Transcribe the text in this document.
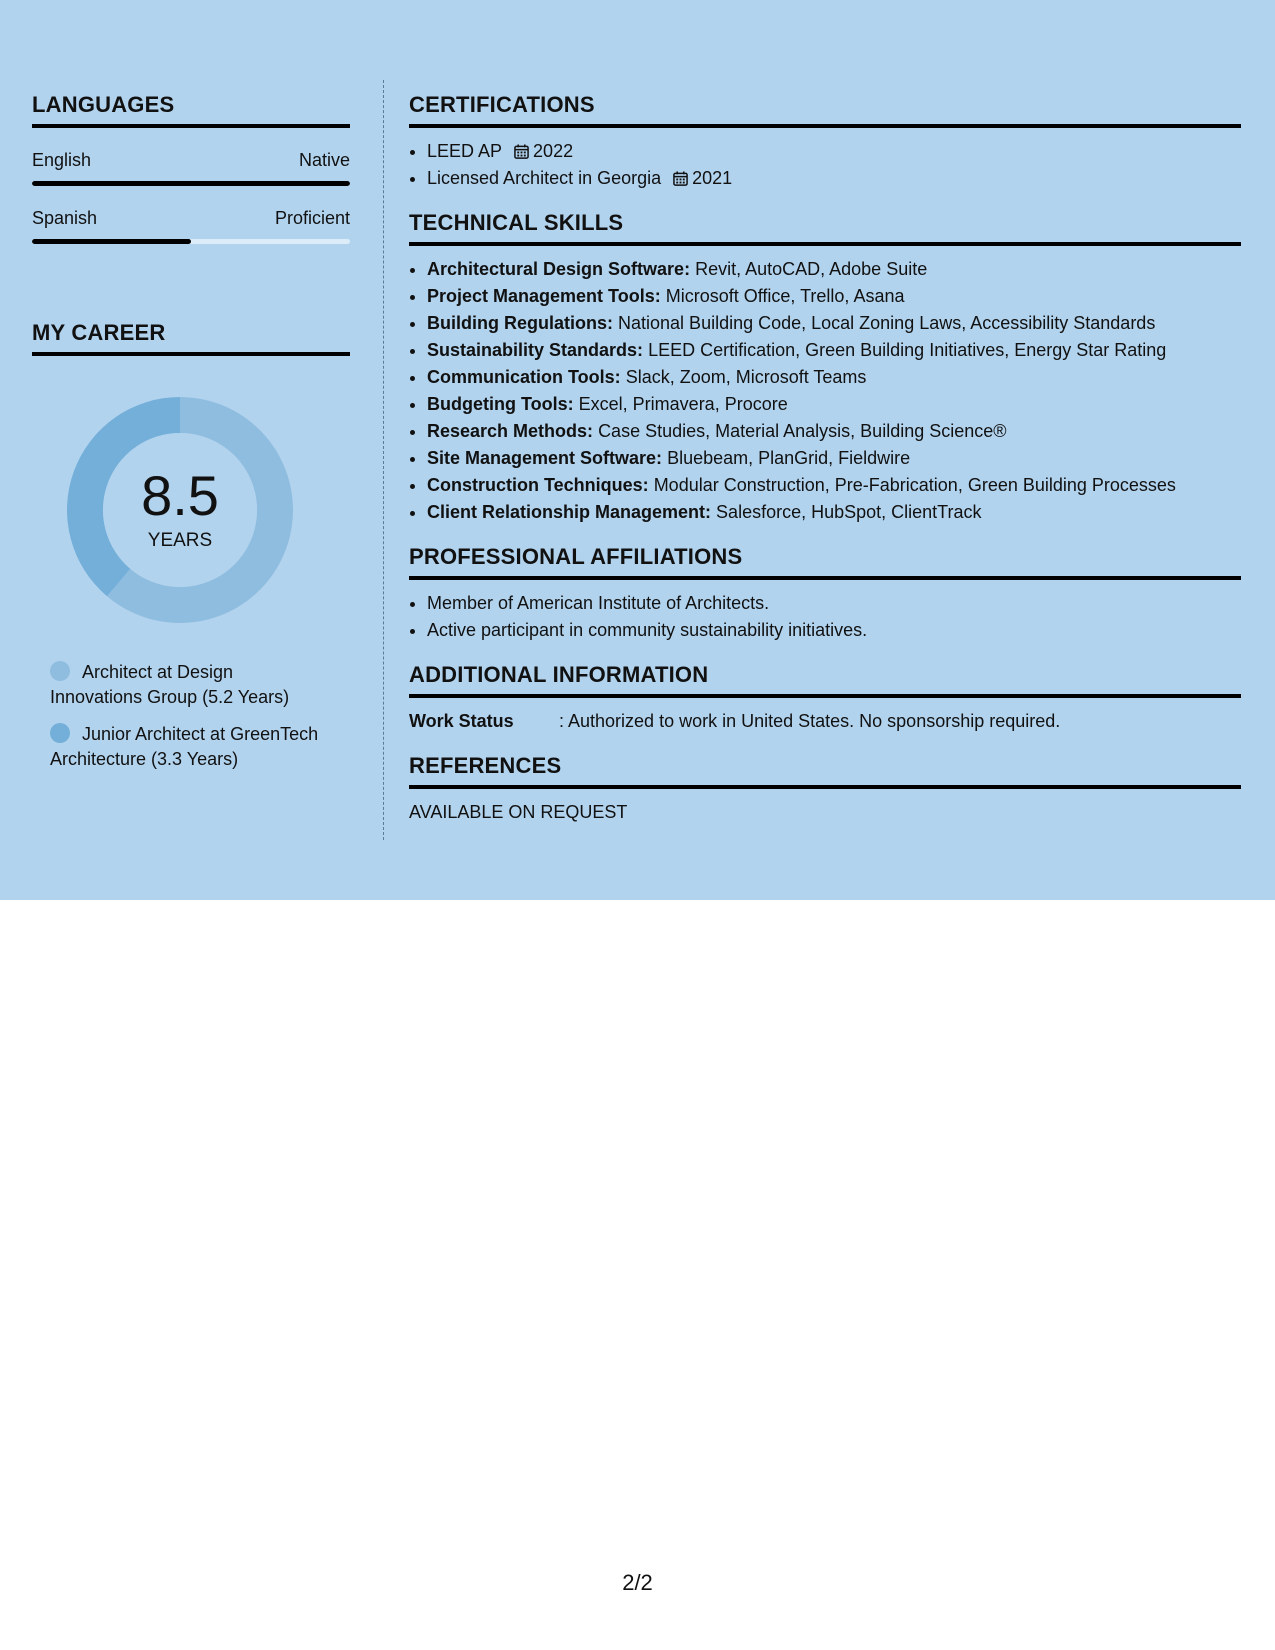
LANGUAGES
English	Native
Spanish	Proficient
MY CAREER
8.5
YEARS
Architect at Design Innovations Group (5.2 Years)
Junior Architect at GreenTech Architecture (3.3 Years)
CERTIFICATIONS
• LEED AP 2022
• Licensed Architect in Georgia 2021
TECHNICAL SKILLS
• Architectural Design Software: Revit, AutoCAD, Adobe Suite
• Project Management Tools: Microsoft Office, Trello, Asana
• Building Regulations: National Building Code, Local Zoning Laws, Accessibility Standards
• Sustainability Standards: LEED Certification, Green Building Initiatives, Energy Star Rating
• Communication Tools: Slack, Zoom, Microsoft Teams
• Budgeting Tools: Excel, Primavera, Procore
• Research Methods: Case Studies, Material Analysis, Building Science®
• Site Management Software: Bluebeam, PlanGrid, Fieldwire
• Construction Techniques: Modular Construction, Pre-Fabrication, Green Building Processes
• Client Relationship Management: Salesforce, HubSpot, ClientTrack
PROFESSIONAL AFFILIATIONS
• Member of American Institute of Architects.
• Active participant in community sustainability initiatives.
ADDITIONAL INFORMATION
Work Status	: Authorized to work in United States. No sponsorship required.
REFERENCES
AVAILABLE ON REQUEST
2/2
